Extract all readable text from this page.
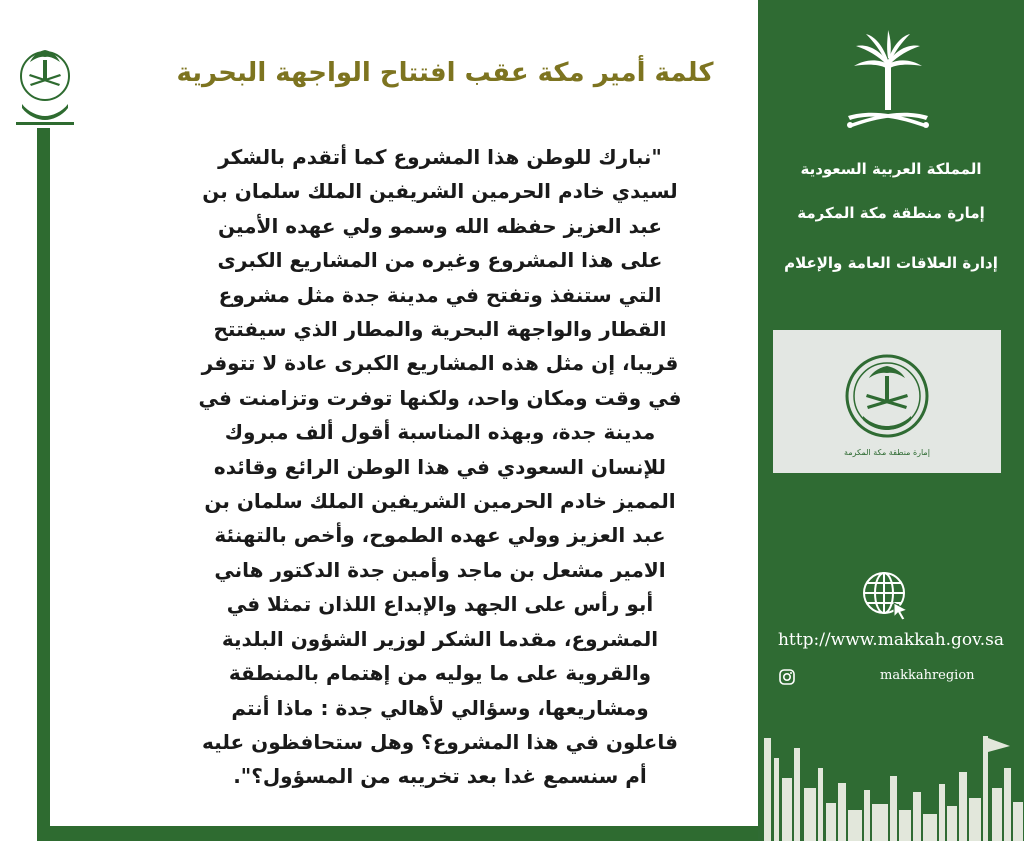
كلمة أمير مكة عقب افتتاح الواجهة البحرية
"نبارك للوطن هذا المشروع كما أتقدم بالشكر
لسيدي خادم الحرمين الشريفين الملك سلمان بن
عبد العزيز حفظه الله وسمو ولي عهده الأمين
على هذا المشروع وغيره من المشاريع الكبرى
التي ستنفذ وتفتح في مدينة جدة مثل مشروع
القطار والواجهة البحرية والمطار الذي سيفتتح
قريبا، إن مثل هذه المشاريع الكبرى عادة لا تتوفر
في وقت ومكان واحد، ولكنها توفرت وتزامنت في
مدينة جدة، وبهذه المناسبة أقول ألف مبروك
للإنسان السعودي في هذا الوطن الرائع وقائده
المميز خادم الحرمين الشريفين الملك سلمان بن
عبد العزيز وولي عهده الطموح، وأخص بالتهنئة
الامير مشعل بن ماجد وأمين جدة الدكتور هاني
أبو رأس على الجهد والإبداع اللذان تمثلا في
المشروع، مقدما الشكر لوزير الشؤون البلدية
والقروية على ما يوليه من إهتمام بالمنطقة
ومشاريعها، وسؤالي لأهالي جدة : ماذا أنتم
فاعلون في هذا المشروع؟ وهل ستحافظون عليه
أم سنسمع غدا بعد تخريبه من المسؤول؟".
المملكة العربية السعودية
إمارة منطقة مكة المكرمة
إدارة العلاقات العامة والإعلام
إمارة منطقة مكة المكرمة
http://www.makkah.gov.sa
makkahregion
